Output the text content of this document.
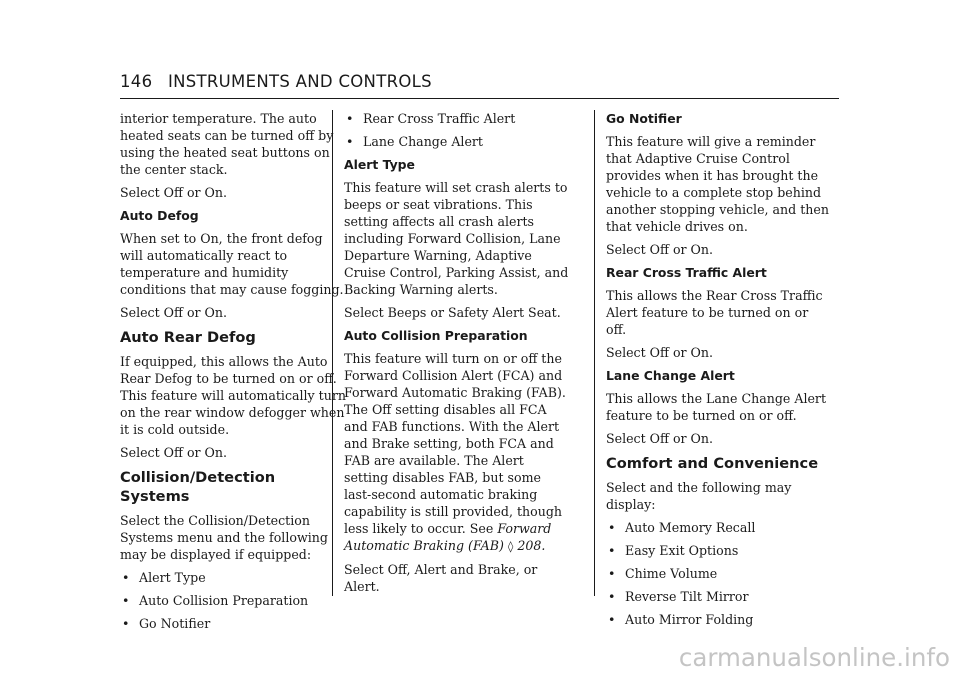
146 INSTRUMENTS AND CONTROLS

interior temperature. The auto heated seats can be turned off by using the heated seat buttons on the center stack.

Select Off or On.

Auto Defog

When set to On, the front defog will automatically react to temperature and humidity conditions that may cause fogging.

Select Off or On.

Auto Rear Defog

If equipped, this allows the Auto Rear Defog to be turned on or off. This feature will automatically turn on the rear window defogger when it is cold outside.

Select Off or On.

Collision/Detection Systems

Select the Collision/Detection Systems menu and the following may be displayed if equipped:

• Alert Type
• Auto Collision Preparation
• Go Notifier
• Rear Cross Traffic Alert
• Lane Change Alert
Alert Type

This feature will set crash alerts to beeps or seat vibrations. This setting affects all crash alerts including Forward Collision, Lane Departure Warning, Adaptive Cruise Control, Parking Assist, and Backing Warning alerts.

Select Beeps or Safety Alert Seat.

Auto Collision Preparation

This feature will turn on or off the Forward Collision Alert (FCA) and Forward Automatic Braking (FAB). The Off setting disables all FCA and FAB functions. With the Alert and Brake setting, both FCA and FAB are available. The Alert setting disables FAB, but some last-second automatic braking capability is still provided, though less likely to occur. See Forward Automatic Braking (FAB) ◊ 208.

Select Off, Alert and Brake, or Alert.

Go Notifier

This feature will give a reminder that Adaptive Cruise Control provides when it has brought the vehicle to a complete stop behind another stopping vehicle, and then that vehicle drives on.

Select Off or On.

Rear Cross Traffic Alert

This allows the Rear Cross Traffic Alert feature to be turned on or off.

Select Off or On.

Lane Change Alert

This allows the Lane Change Alert feature to be turned on or off.

Select Off or On.

Comfort and Convenience

Select and the following may display:

• Auto Memory Recall
• Easy Exit Options
• Chime Volume
• Reverse Tilt Mirror
• Auto Mirror Folding
carmanualsonline.info
